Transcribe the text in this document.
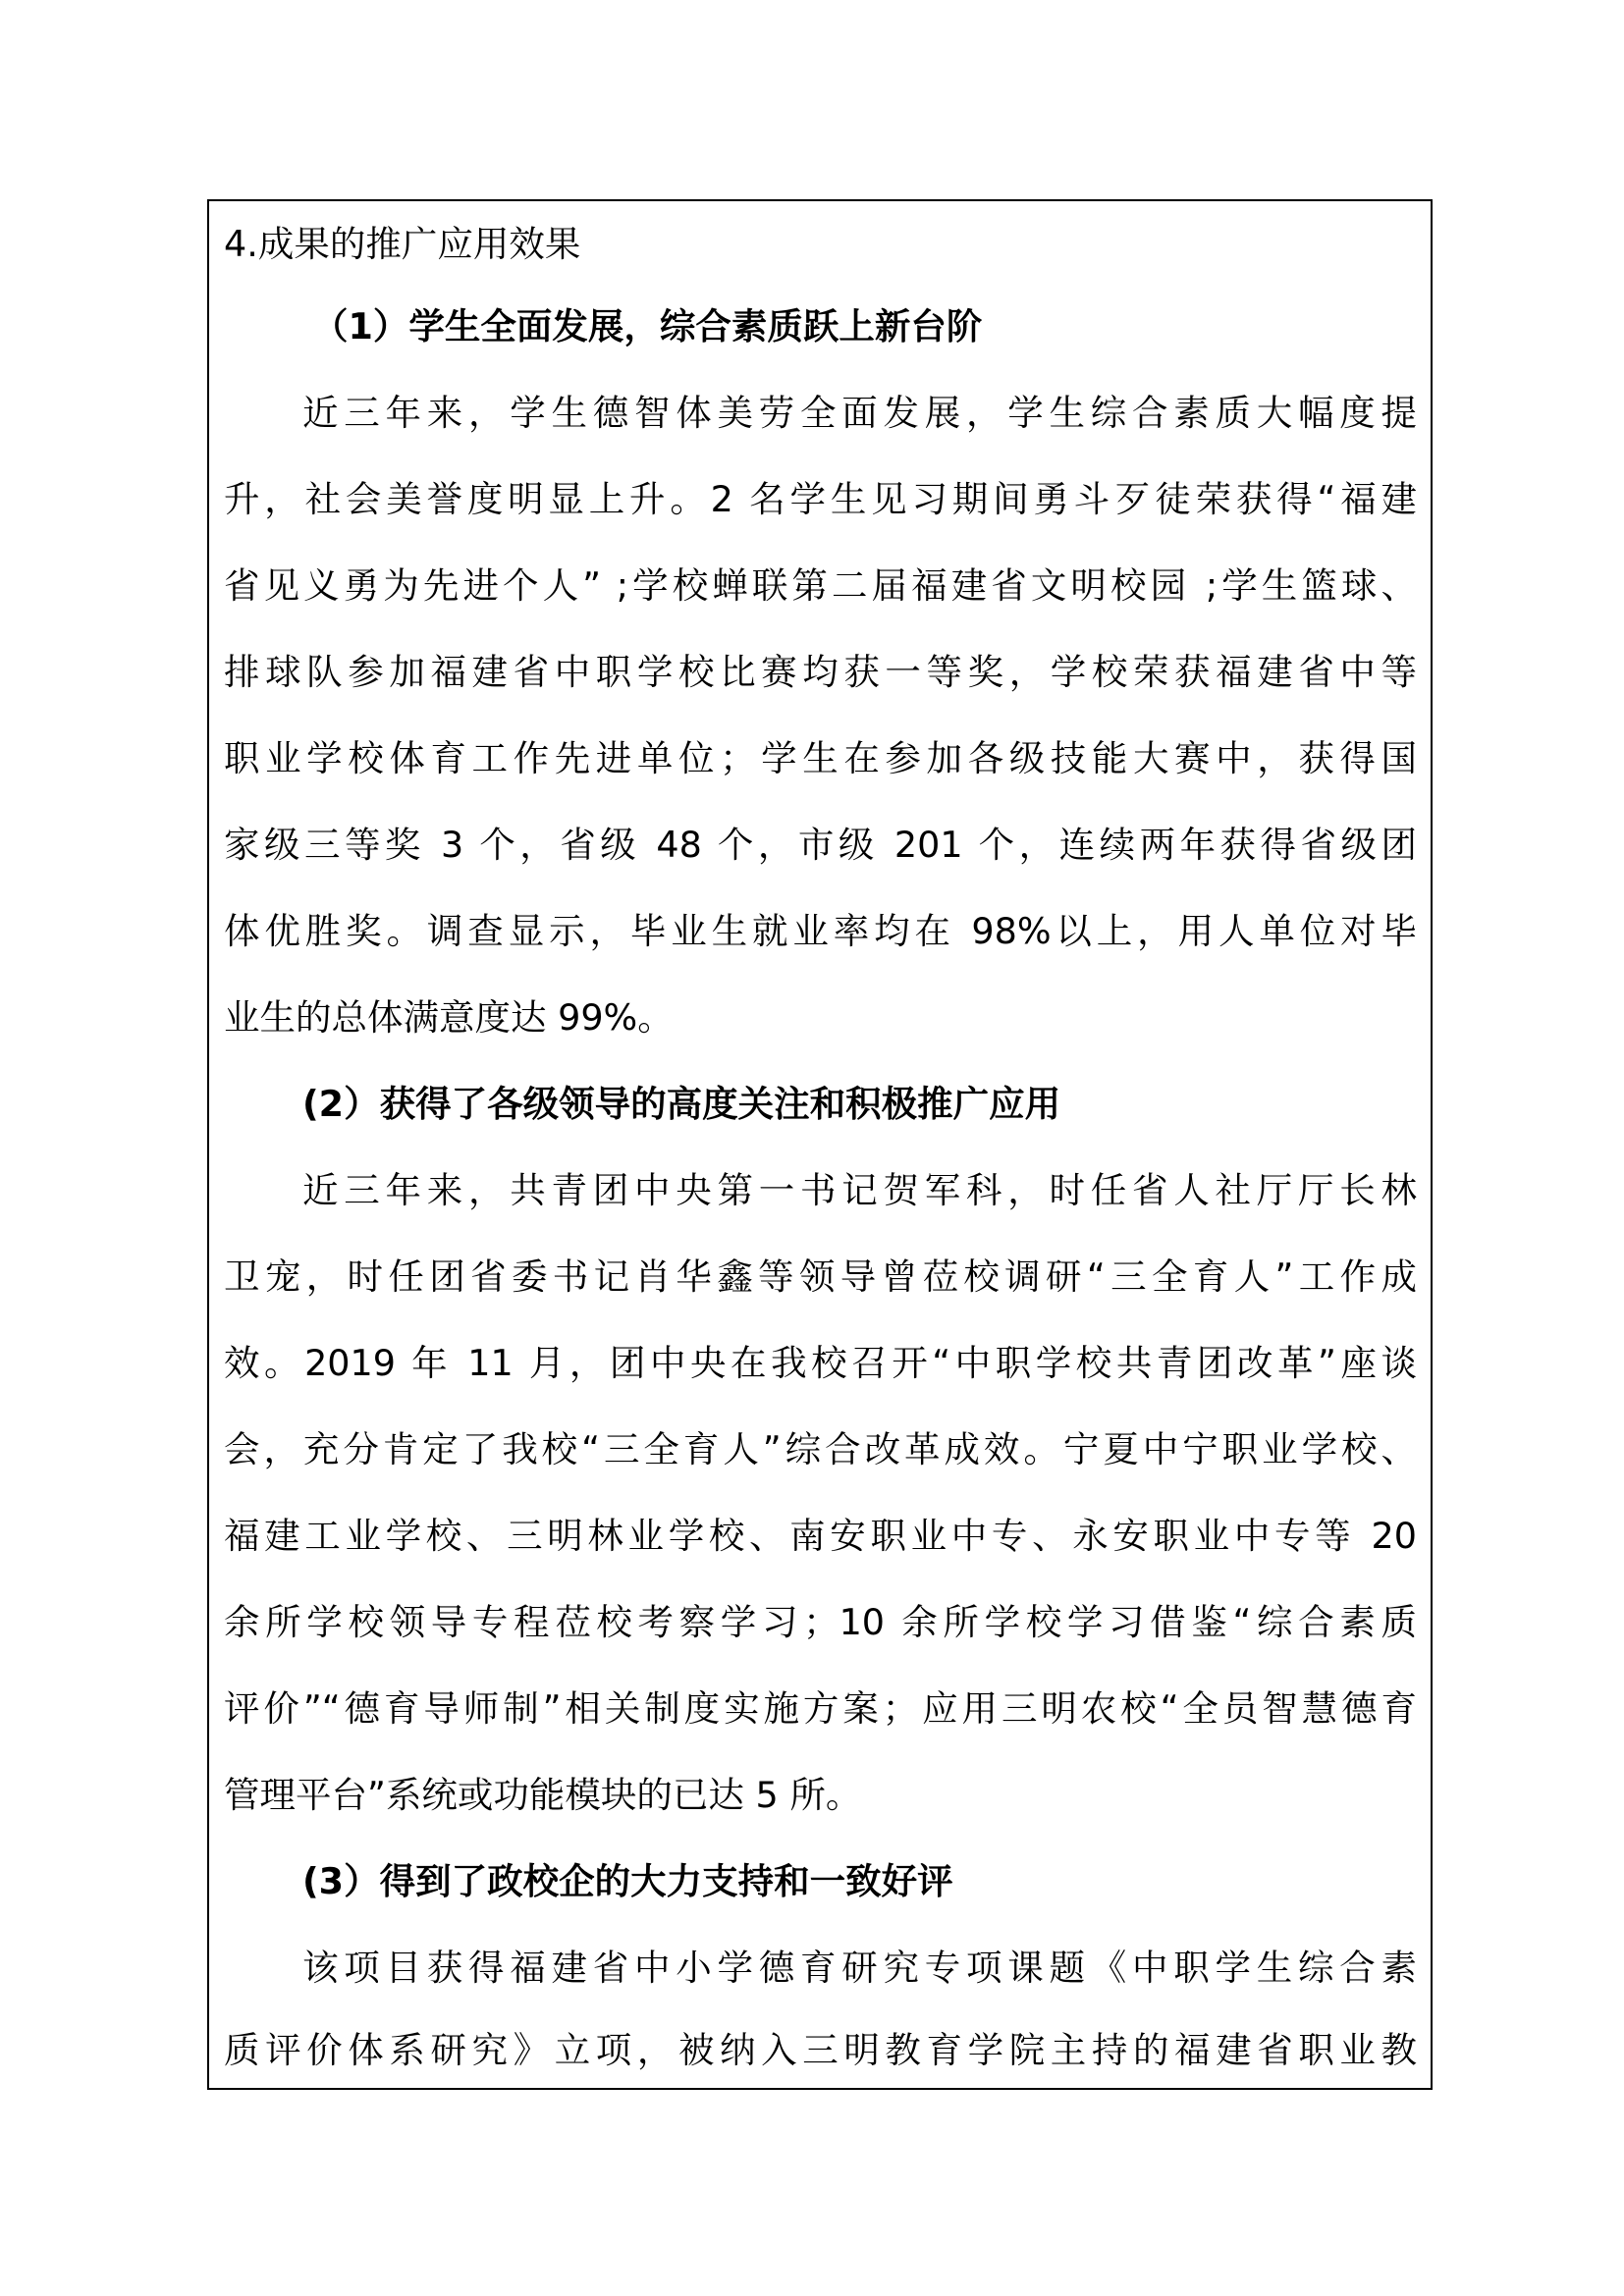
4.成果的推广应用效果
（1）学生全面发展，综合素质跃上新台阶
近三年来，学生德智体美劳全面发展，学生综合素质大幅度提
升，社会美誉度明显上升。2 名学生见习期间勇斗歹徒荣获得“福建
省见义勇为先进个人” ;学校蝉联第二届福建省文明校园 ;学生篮球、
排球队参加福建省中职学校比赛均获一等奖，学校荣获福建省中等
职业学校体育工作先进单位；学生在参加各级技能大赛中，获得国
家级三等奖 3 个，省级 48 个，市级 201 个，连续两年获得省级团
体优胜奖。调查显示，毕业生就业率均在 98%以上，用人单位对毕
业生的总体满意度达 99%。
(2）获得了各级领导的高度关注和积极推广应用
近三年来，共青团中央第一书记贺军科，时任省人社厅厅长林
卫宠，时任团省委书记肖华鑫等领导曾莅校调研“三全育人”工作成
效。2019 年 11 月，团中央在我校召开“中职学校共青团改革”座谈
会，充分肯定了我校“三全育人”综合改革成效。宁夏中宁职业学校、
福建工业学校、三明林业学校、南安职业中专、永安职业中专等 20
余所学校领导专程莅校考察学习；10 余所学校学习借鉴“综合素质
评价”“德育导师制”相关制度实施方案；应用三明农校“全员智慧德育
管理平台”系统或功能模块的已达 5 所。
(3）得到了政校企的大力支持和一致好评
该项目获得福建省中小学德育研究专项课题《中职学生综合素
质评价体系研究》立项，被纳入三明教育学院主持的福建省职业教
